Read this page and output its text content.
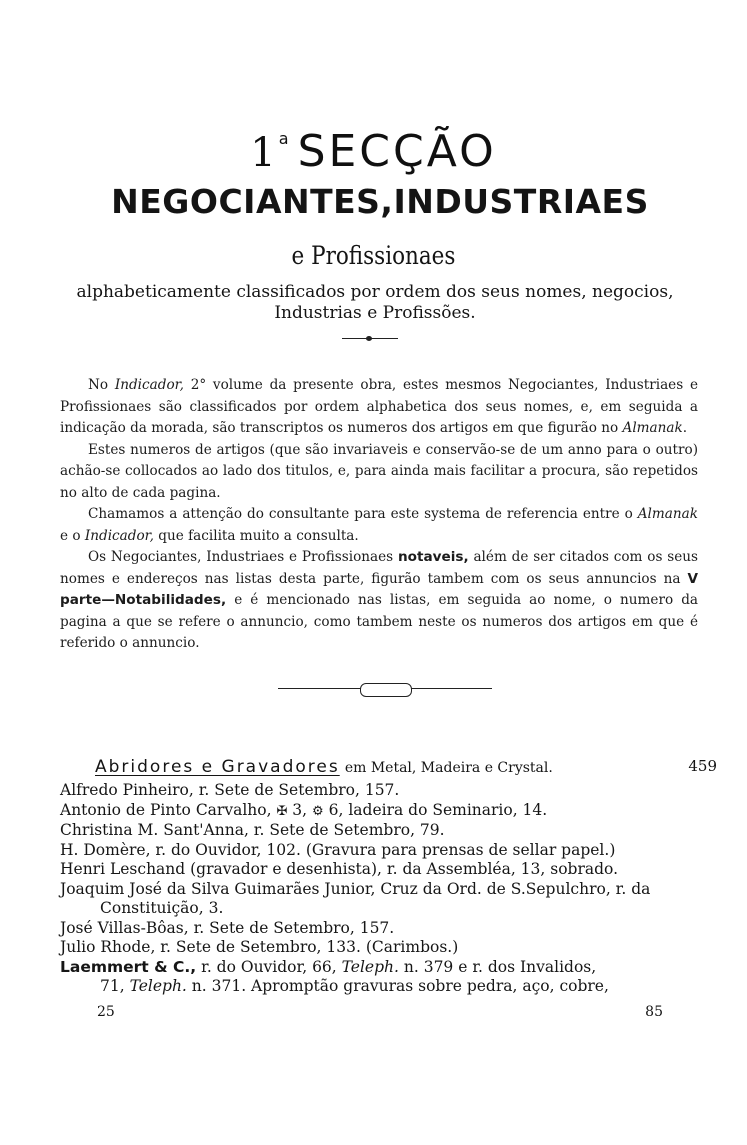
1$^a$ SECÇÃO
NEGOCIANTES,INDUSTRIAES
e Profissionaes
alphabeticamente classificados por ordem dos seus nomes, negocios, Industrias e Profissões.

No Indicador, 2° volume da presente obra, estes mesmos Negociantes, Industriaes e Profissionaes são classificados por ordem alphabetica dos seus nomes, e, em seguida a indicação da morada, são transcriptos os numeros dos artigos em que figurão no Almanak.

Estes numeros de artigos (que são invariaveis e conservão-se de um anno para o outro) achão-se collocados ao lado dos titulos, e, para ainda mais facilitar a procura, são repetidos no alto de cada pagina.

Chamamos a attenção do consultante para este systema de referencia entre o Almanak e o Indicador, que facilita muito a consulta.

Os Negociantes, Industriaes e Profissionaes notaveis, além de ser citados com os seus nomes e endereços nas listas desta parte, figurão tambem com os seus annuncios na V parte—Notabilidades, e é mencionado nas listas, em seguida ao nome, o numero da pagina a que se refere o annuncio, como tambem neste os numeros dos artigos em que é referido o annuncio.

Abridores e Gravadores em Metal, Madeira e Crystal.	459
Alfredo Pinheiro, r. Sete de Setembro, 157.
Antonio de Pinto Carvalho, ✠ 3, ⚙ 6, ladeira do Seminario, 14.
Christina M. Sant'Anna, r. Sete de Setembro, 79.
H. Domère, r. do Ouvidor, 102. (Gravura para prensas de sellar papel.)
Henri Leschand (gravador e desenhista), r. da Assembléa, 13, sobrado.
Joaquim José da Silva Guimarães Junior, Cruz da Ord. de S.Sepulchro, r. da
Constituição, 3.
José Villas-Bôas, r. Sete de Setembro, 157.
Julio Rhode, r. Sete de Setembro, 133. (Carimbos.)
Laemmert & C., r. do Ouvidor, 66, Teleph. n. 379 e r. dos Invalidos,
71, Teleph. n. 371. Apromptão gravuras sobre pedra, aço, cobre,
25	85
